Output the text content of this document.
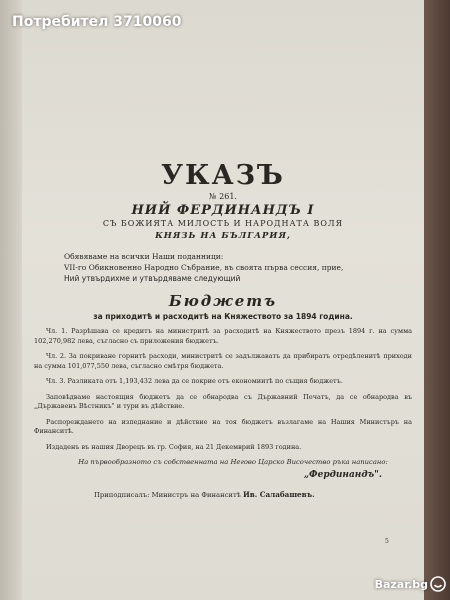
УКАЗЪ
№ 261.
НИЙ ФЕРДИНАНДЪ I
СЪ БОЖИЯТА МИЛОСТЬ И НАРОДНАТА ВОЛЯ
КНЯЗЬ НА БЪЛГАРИЯ,
Обявяваме на всички Наши поданници:
VII-го Обикновенно Народно Събрание, въ своята първа сессия, прие,
Ний утвърдихме и утвърдяваме следующий
Бюджетъ
за приходитѣ и расходитѣ на Княжеството за 1894 година.
Чл. 1. Разрѣшава се кредитъ на министритѣ за расходитѣ на Княжеството презъ 1894 г. на сумма 102,270,982 лева, съгласно съ приложения бюджетъ.
Чл. 2. За покриване горнитѣ расходи, министритѣ се задължаватъ да прибиратъ отредѣленитѣ приходи на сумма 101,077,550 лева, съгласно смѣтря бюджета.
Чл. 3. Разликата отъ 1,193,432 лева да се покрие отъ економиитѣ по същия бюджетъ.
Заповѣдваме настоящия бюджетъ да се обнародва съ Държавний Печатъ, да се обнародва въ „Държавенъ Вѣстникъ" и тури въ дѣйствие.
Распореждането на изпеднание и дѣйствие на тоя бюджетъ възлагаме на Нашия Министъръ на Финанситѣ.
Издаденъ въ нашия Дворецъ въ гр. София, на 21 Декемврий 1893 година.
На първообразното съ собственната на Негово Царско Височество ръка написано:
„Фердинандъ".
Приподписалъ: Министръ на Финанситѣ Ив. Салабашевъ.
5
Потребител 3710060
Bazar.bg
